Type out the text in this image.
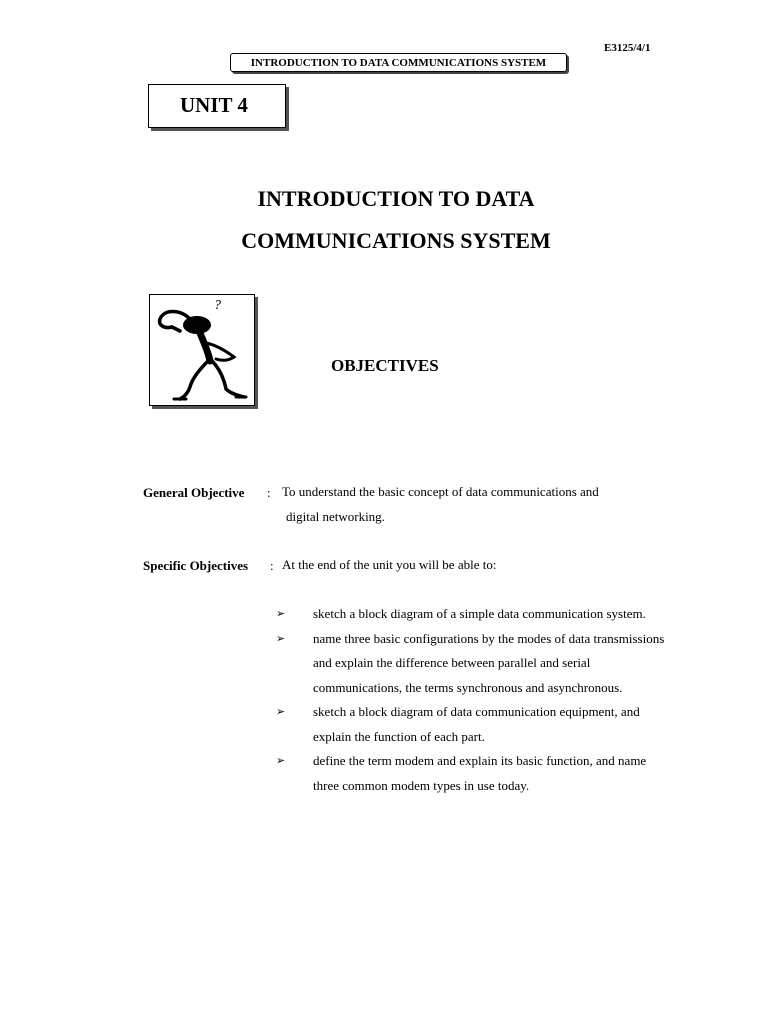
E3125/4/1
INTRODUCTION TO DATA COMMUNICATIONS SYSTEM
UNIT 4
INTRODUCTION TO DATA
COMMUNICATIONS SYSTEM
?
OBJECTIVES
General Objective : To understand the basic concept of data communications and
digital networking.
Specific Objectives : At the end of the unit you will be able to:
➢ sketch a block diagram of a simple data communication system.
➢ name three basic configurations by the modes of data transmissions and explain the difference between parallel and serial communications, the terms synchronous and asynchronous.
➢ sketch a block diagram of data communication equipment, and explain the function of each part.
➢ define the term modem and explain its basic function, and name three common modem types in use today.
